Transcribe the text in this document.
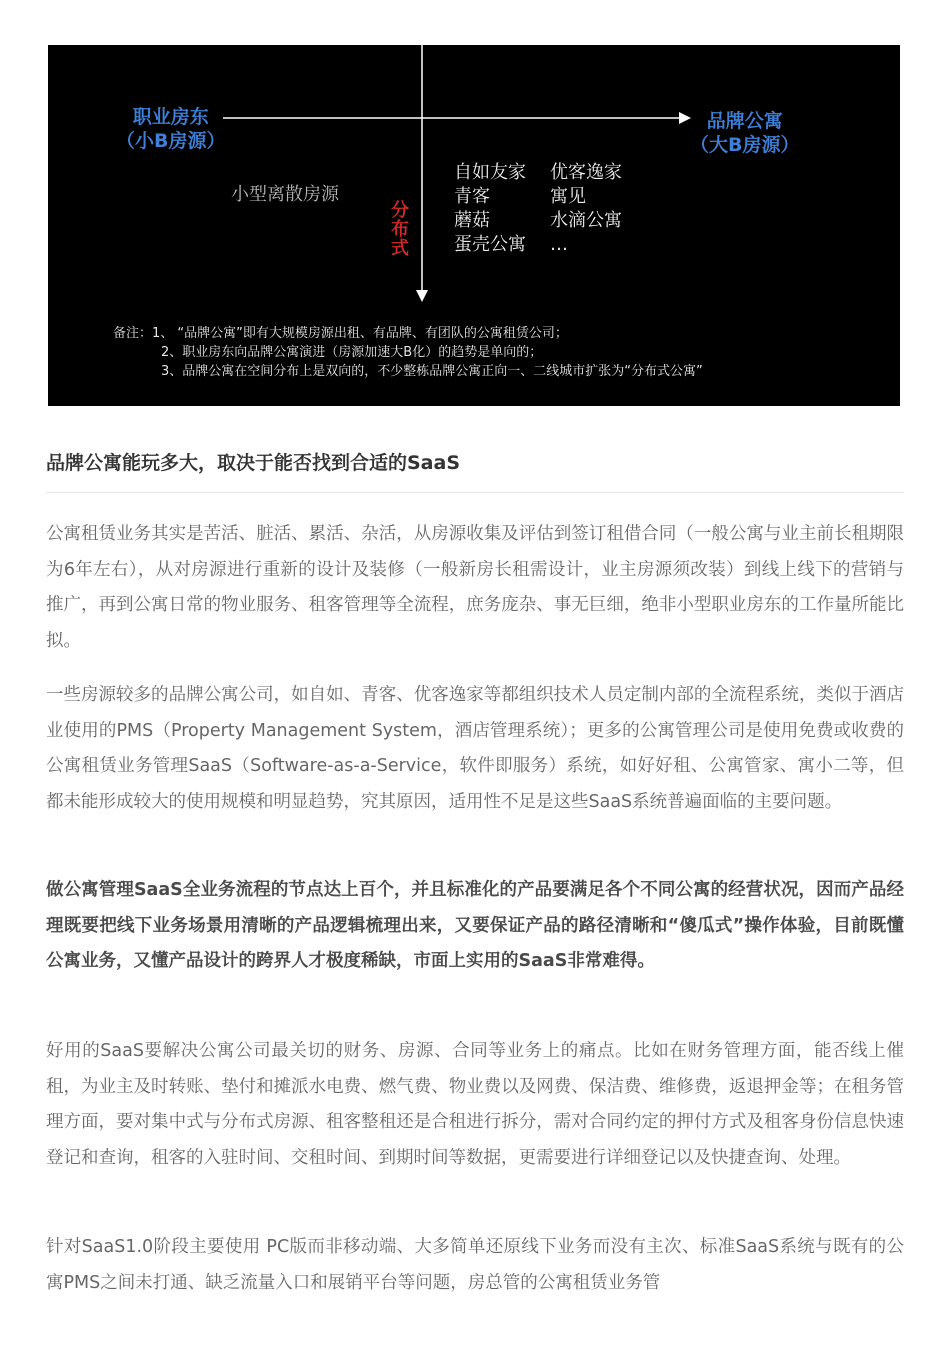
职业房东
（小B房源）
品牌公寓
（大B房源）
小型离散房源
分布式
自如友家 优客逸家
青客	寓见
蘑菇	水滴公寓
蛋壳公寓 …
备注：1、 “品牌公寓”即有大规模房源出租、有品牌、有团队的公寓租赁公司；
2、职业房东向品牌公寓演进（房源加速大B化）的趋势是单向的；
3、品牌公寓在空间分布上是双向的，不少整栋品牌公寓正向一、二线城市扩张为“分布式公寓”
品牌公寓能玩多大，取决于能否找到合适的SaaS

公寓租赁业务其实是苦活、脏活、累活、杂活，从房源收集及评估到签订租借合同（一般公寓与业主前长租期限为6年左右），从对房源进行重新的设计及装修（一般新房长租需设计，业主房源须改装）到线上线下的营销与推广，再到公寓日常的物业服务、租客管理等全流程，庶务庞杂、事无巨细，绝非小型职业房东的工作量所能比拟。

一些房源较多的品牌公寓公司，如自如、青客、优客逸家等都组织技术人员定制内部的全流程系统，类似于酒店业使用的PMS（Property Management System，酒店管理系统）；更多的公寓管理公司是使用免费或收费的公寓租赁业务管理SaaS（Software-as-a-Service，软件即服务）系统，如好好租、公寓管家、寓小二等，但都未能形成较大的使用规模和明显趋势，究其原因，适用性不足是这些SaaS系统普遍面临的主要问题。

做公寓管理SaaS全业务流程的节点达上百个，并且标准化的产品要满足各个不同公寓的经营状况，因而产品经理既要把线下业务场景用清晰的产品逻辑梳理出来，又要保证产品的路径清晰和“傻瓜式”操作体验，目前既懂公寓业务，又懂产品设计的跨界人才极度稀缺，市面上实用的SaaS非常难得。

好用的SaaS要解决公寓公司最关切的财务、房源、合同等业务上的痛点。比如在财务管理方面，能否线上催租，为业主及时转账、垫付和摊派水电费、燃气费、物业费以及网费、保洁费、维修费，返退押金等；在租务管理方面，要对集中式与分布式房源、租客整租还是合租进行拆分，需对合同约定的押付方式及租客身份信息快速登记和查询，租客的入驻时间、交租时间、到期时间等数据，更需要进行详细登记以及快捷查询、处理。

针对SaaS1.0阶段主要使用 PC版而非移动端、大多简单还原线下业务而没有主次、标准SaaS系统与既有的公寓PMS之间未打通、缺乏流量入口和展销平台等问题，房总管的公寓租赁业务管
